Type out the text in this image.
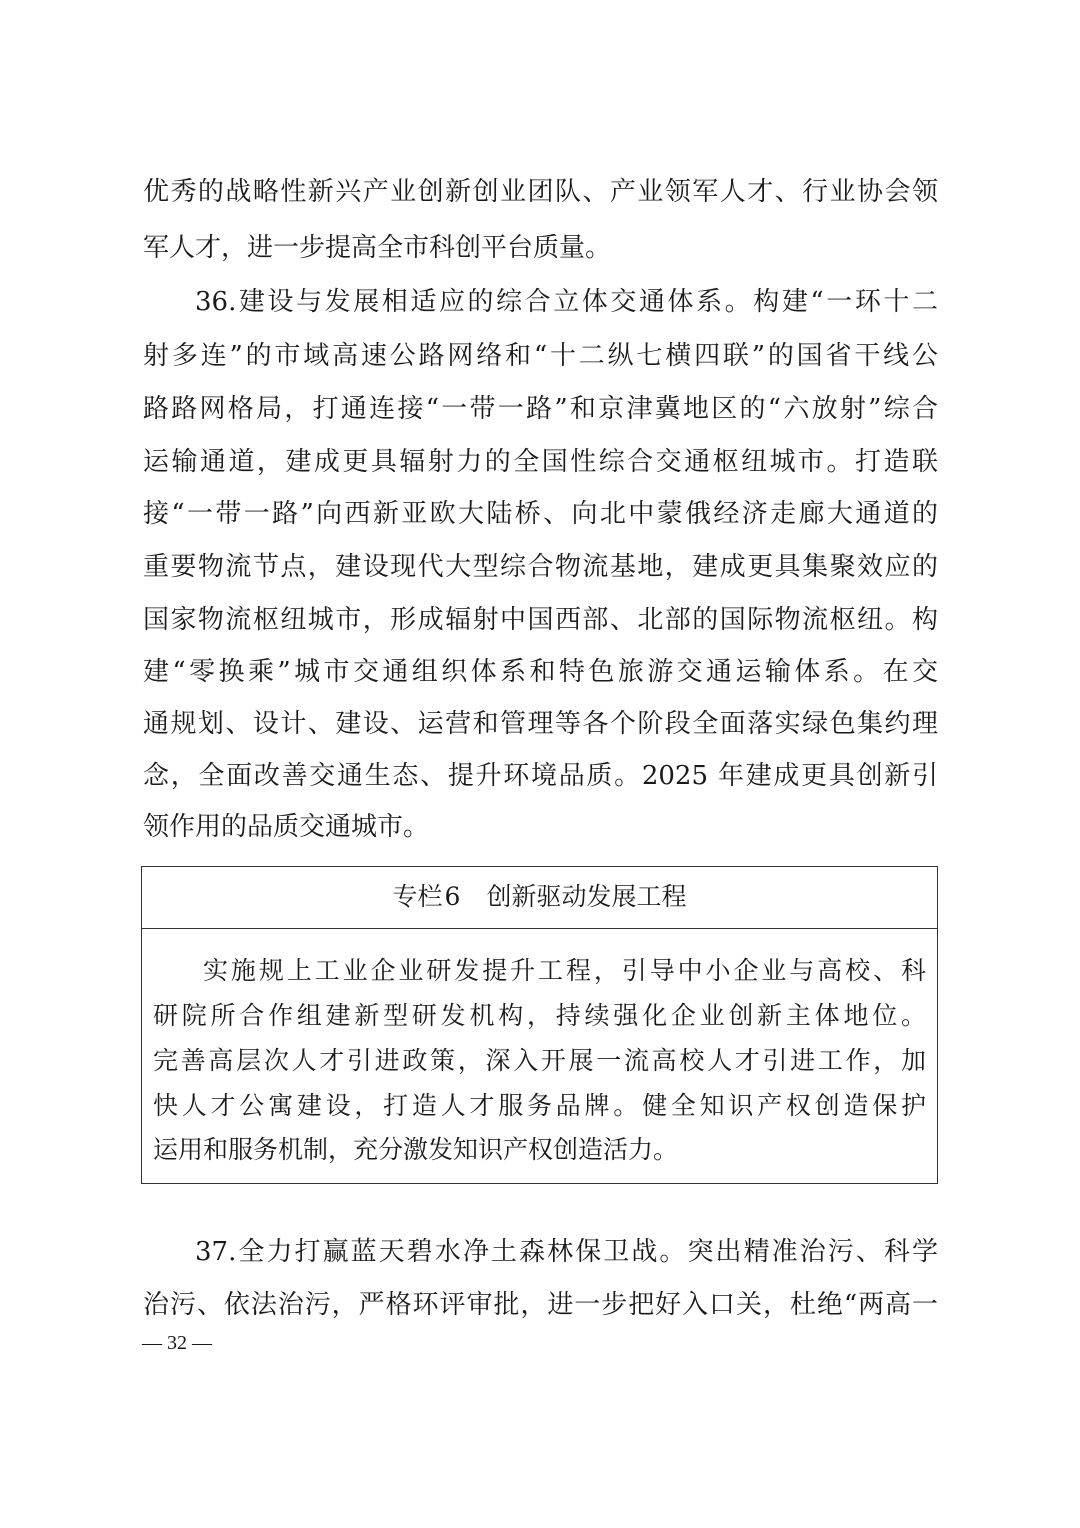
优秀的战略性新兴产业创新创业团队、产业领军人才、行业协会领
军人才，进一步提高全市科创平台质量。
36.建设与发展相适应的综合立体交通体系。构建“一环十二
射多连”的市域高速公路网络和“十二纵七横四联”的国省干线公
路路网格局，打通连接“一带一路”和京津冀地区的“六放射”综合
运输通道，建成更具辐射力的全国性综合交通枢纽城市。打造联
接“一带一路”向西新亚欧大陆桥、向北中蒙俄经济走廊大通道的
重要物流节点，建设现代大型综合物流基地，建成更具集聚效应的
国家物流枢纽城市，形成辐射中国西部、北部的国际物流枢纽。构
建“零换乘”城市交通组织体系和特色旅游交通运输体系。在交
通规划、设计、建设、运营和管理等各个阶段全面落实绿色集约理
念，全面改善交通生态、提升环境品质。2025 年建成更具创新引
领作用的品质交通城市。
专栏6 创新驱动发展工程
实施规上工业企业研发提升工程，引导中小企业与高校、科
研院所合作组建新型研发机构，持续强化企业创新主体地位。
完善高层次人才引进政策，深入开展一流高校人才引进工作，加
快人才公寓建设，打造人才服务品牌。健全知识产权创造保护
运用和服务机制，充分激发知识产权创造活力。
37.全力打赢蓝天碧水净土森林保卫战。突出精准治污、科学
治污、依法治污，严格环评审批，进一步把好入口关，杜绝“两高一
— 32 —
